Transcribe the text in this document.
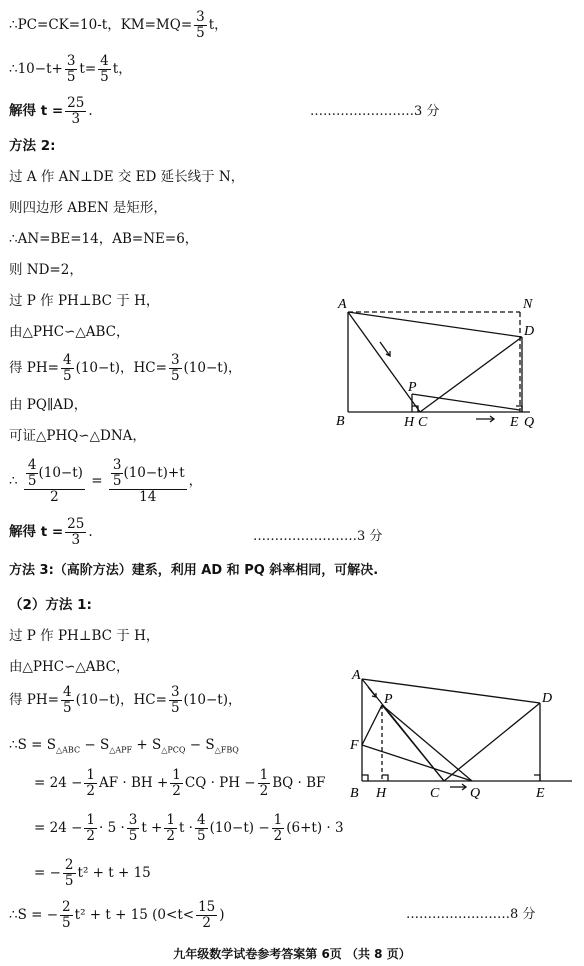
∴PC=CK=10-t，$KM=MQ= \frac{3}{5}$ t，
∴10−t+ $\frac{3}{5} t= \frac{4}{5}$ t，
解得 $t = \frac{25}{3}$ .	……………………3 分
方法 2:
过 A 作 AN⊥DE 交 ED 延长线于 N，
则四边形 ABEN 是矩形，
∴AN=BE=14，AB=NE=6，
则 ND=2，
过 P 作 PH⊥BC 于 H，
由△PHC∽△ABC，
得 $PH= \frac{4}{5} (10-t)$，$HC= \frac{3}{5} (10-t)$，
由 PQ∥AD，
可证△PHQ∽△DNA，
∴ $\frac{\frac{4}{5} (10-t)}{2} = \frac{\frac{3}{5} (10-t)+t}{14}$ ，
解得 $t = \frac{25}{3}$ .	……………………3 分
方法 3:（高阶方法）建系，利用 AD 和 PQ 斜率相同，可解决.
（2）方法 1:
过 P 作 PH⊥BC 于 H，
由△PHC∽△ABC，
得 $PH= \frac{4}{5} (10-t)$，$HC= \frac{3}{5} (10-t)$，
∴S = $S_{\triangle ABC} - S_{\triangle APF} + S_{\triangle PCQ} - S_{\triangle FBQ}$
= $24 - \frac{1}{2}$ AF · BH + $\frac{1}{2}$ CQ · PH − $\frac{1}{2}$ BQ · BF
= $24 - \frac{1}{2} \cdot 5 \cdot \frac{3}{5}$ $t + \frac{1}{2}$ $t \cdot \frac{4}{5} (10-t) - \frac{1}{2} (6+t) \cdot 3$
= − $\frac{2}{5} t^2 + t + 15$
∴S = − $\frac{2}{5} t^2 + t + 15$ ($0<t< \frac{15}{2}$ )	……………………8 分
A	N
D
P
B	H C	E Q
A
D
P
F
B H	C Q	E
九年级数学试卷参考答案第 6页 （共 8 页）
